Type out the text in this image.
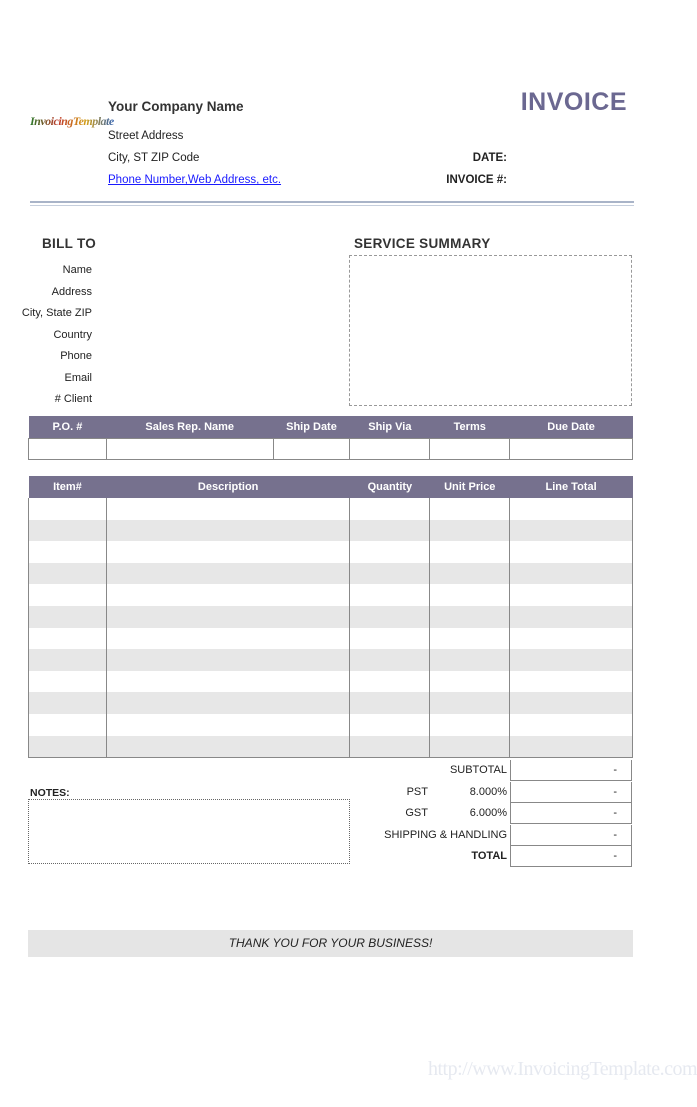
InvoicingTemplate
Your Company Name
Street Address
City, ST ZIP Code
Phone Number,Web Address, etc.
INVOICE
DATE:
INVOICE #:
BILL TO
Name
Address
City, State ZIP
Country
Phone
Email
Client #
SERVICE SUMMARY
P.O. #	Sales Rep. Name	Ship Date	Ship Via	Terms	Due Date

Item#	Description	Quantity	Unit Price	Line Total

SUBTOTAL	-
PST	8.000%	-
GST	6.000%	-
SHIPPING & HANDLING	-
TOTAL	-
NOTES:
THANK YOU FOR YOUR BUSINESS!
http://www.InvoicingTemplate.com
